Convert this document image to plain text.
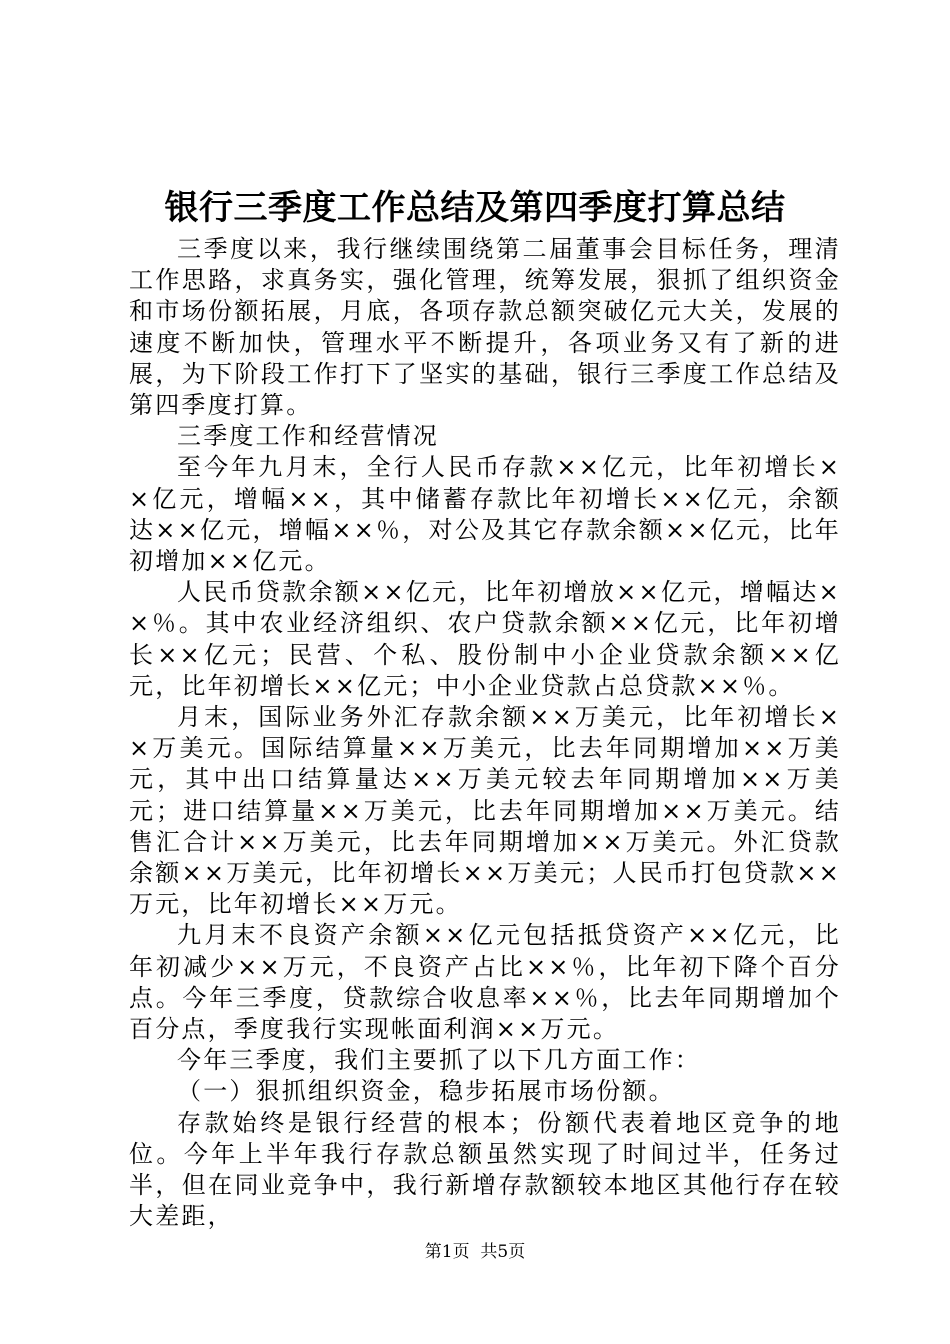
银行三季度工作总结及第四季度打算总结

三季度以来，我行继续围绕第二届董事会目标任务，理清工作思路，求真务实，强化管理，统筹发展，狠抓了组织资金和市场份额拓展，月底，各项存款总额突破亿元大关，发展的速度不断加快，管理水平不断提升，各项业务又有了新的进展，为下阶段工作打下了坚实的基础，银行三季度工作总结及第四季度打算。

三季度工作和经营情况

至今年九月末，全行人民币存款××亿元，比年初增长××亿元，增幅××，其中储蓄存款比年初增长××亿元，余额达××亿元，增幅××％，对公及其它存款余额××亿元，比年初增加××亿元。

人民币贷款余额××亿元，比年初增放××亿元，增幅达××％。其中农业经济组织、农户贷款余额××亿元，比年初增长××亿元；民营、个私、股份制中小企业贷款余额××亿元，比年初增长××亿元；中小企业贷款占总贷款××％。

月末，国际业务外汇存款余额××万美元，比年初增长××万美元。国际结算量××万美元，比去年同期增加××万美元，其中出口结算量达××万美元较去年同期增加××万美元；进口结算量××万美元，比去年同期增加××万美元。结售汇合计××万美元，比去年同期增加××万美元。外汇贷款余额××万美元，比年初增长××万美元；人民币打包贷款××万元，比年初增长××万元。

九月末不良资产余额××亿元包括抵贷资产××亿元，比年初减少××万元，不良资产占比××％，比年初下降个百分点。今年三季度，贷款综合收息率××％，比去年同期增加个百分点，季度我行实现帐面利润××万元。

今年三季度，我们主要抓了以下几方面工作：

（一）狠抓组织资金，稳步拓展市场份额。

存款始终是银行经营的根本；份额代表着地区竞争的地位。今年上半年我行存款总额虽然实现了时间过半，任务过半，但在同业竞争中，我行新增存款额较本地区其他行存在较大差距，

第1页  共5页
